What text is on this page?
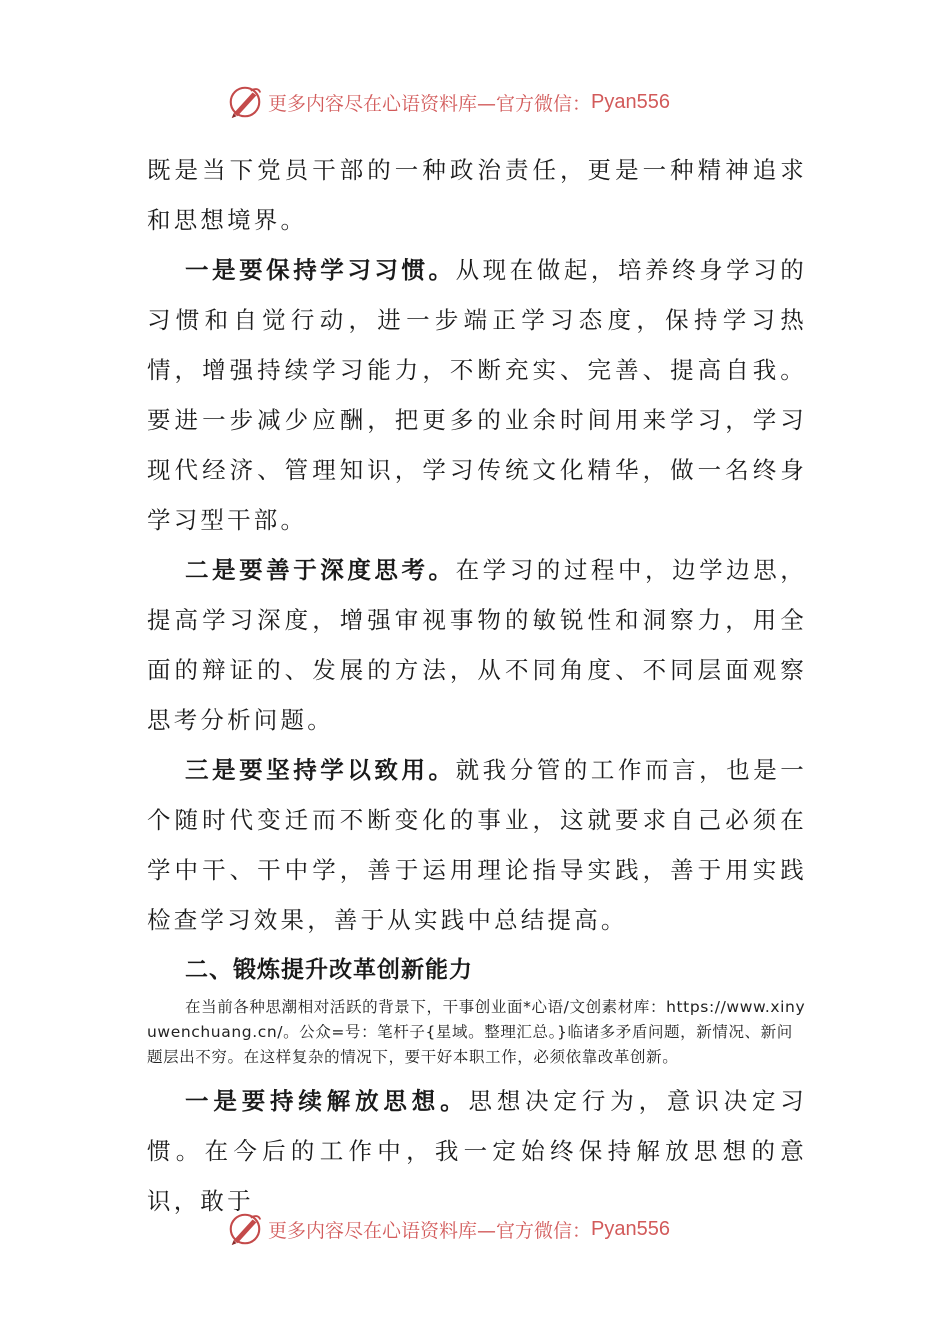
更多内容尽在心语资料库—官方微信： Pyan556

既是当下党员干部的一种政治责任，更是一种精神追求和思想境界。

一是要保持学习习惯。从现在做起，培养终身学习的习惯和自觉行动，进一步端正学习态度，保持学习热情，增强持续学习能力，不断充实、完善、提高自我。要进一步减少应酬，把更多的业余时间用来学习，学习现代经济、管理知识，学习传统文化精华，做一名终身学习型干部。

二是要善于深度思考。在学习的过程中，边学边思，提高学习深度，增强审视事物的敏锐性和洞察力，用全面的辩证的、发展的方法，从不同角度、不同层面观察思考分析问题。

三是要坚持学以致用。就我分管的工作而言，也是一个随时代变迁而不断变化的事业，这就要求自己必须在学中干、干中学，善于运用理论指导实践，善于用实践检查学习效果，善于从实践中总结提高。

二、锻炼提升改革创新能力

在当前各种思潮相对活跃的背景下，干事创业面*心语/文创素材库：https://www.xinyuwenchuang.cn/。公众=号：笔杆子{星域。整理汇总。}临诸多矛盾问题，新情况、新问题层出不穷。在这样复杂的情况下，要干好本职工作，必须依靠改革创新。

一是要持续解放思想。思想决定行为，意识决定习惯。在今后的工作中，我一定始终保持解放思想的意识，敢于

更多内容尽在心语资料库—官方微信： Pyan556
